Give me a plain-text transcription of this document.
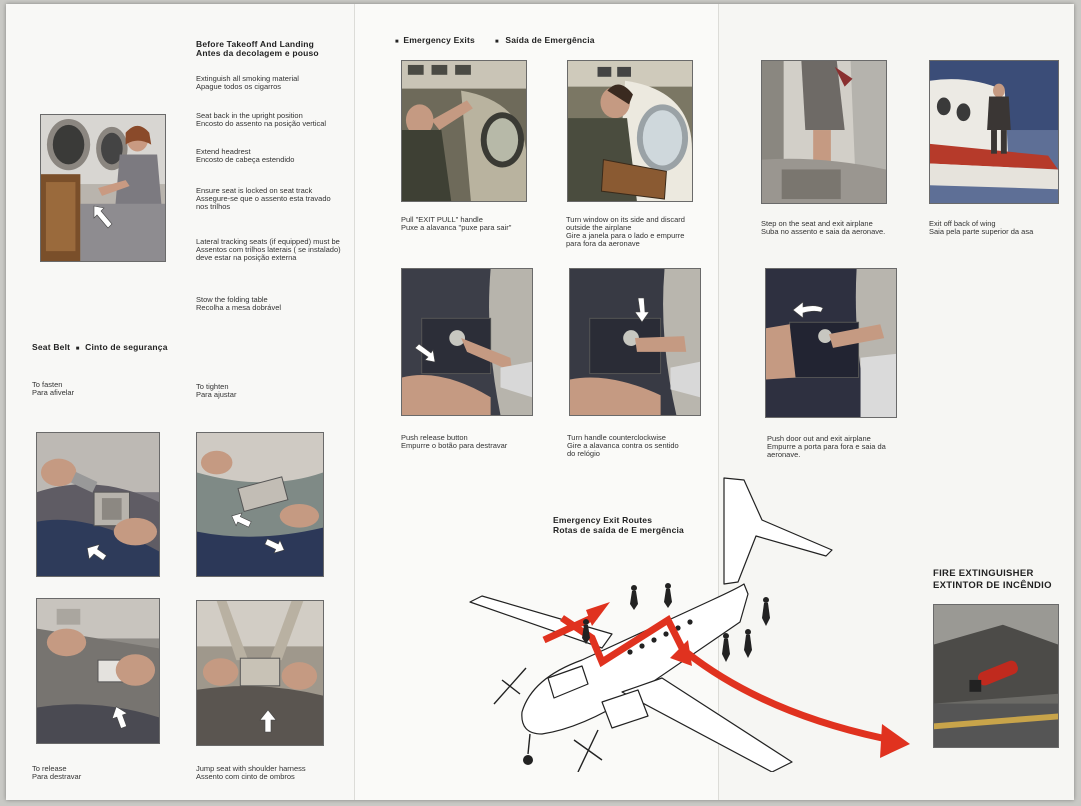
Before Takeoff And Landing
Antes da decolagem e pouso
Extinguish all smoking material
Apague todos os cigarros
Seat back in the upright position
Encosto do assento na posição vertical
Extend headrest
Encosto de cabeça estendido
Ensure seat is locked on seat track
Assegure-se que o assento esta travado
nos trilhos
Lateral tracking seats (if equipped) must be
Assentos com trilhos laterais ( se instalado)
deve estar na posição externa
Stow the folding table
Recolha a mesa dobrável
Seat Belt ■ Cinto de segurança
To fasten
Para afivelar
To tighten
Para ajustar
To release
Para destravar
Jump seat with shoulder harness
Assento com cinto de ombros
■ Emergency Exits	■ Saída de Emergência
Pull "EXIT PULL" handle
Puxe a alavanca "puxe para sair"
Turn window on its side and discard
outside the airplane
Gire a janela para o lado e empurre
para fora da aeronave
Push release button
Empurre o botão para destravar
Turn handle counterclockwise
Gire a alavanca contra os sentido
do relógio
Emergency Exit Routes
Rotas de saída de E mergência
Step on the seat and exit airplane
Suba no assento e saia da aeronave.
Exit off back of wing
Saia pela parte superior da asa
Push door out and exit airplane
Empurre a porta para fora e saia da
aeronave.
FIRE EXTINGUISHER
EXTINTOR DE INCÊNDIO
